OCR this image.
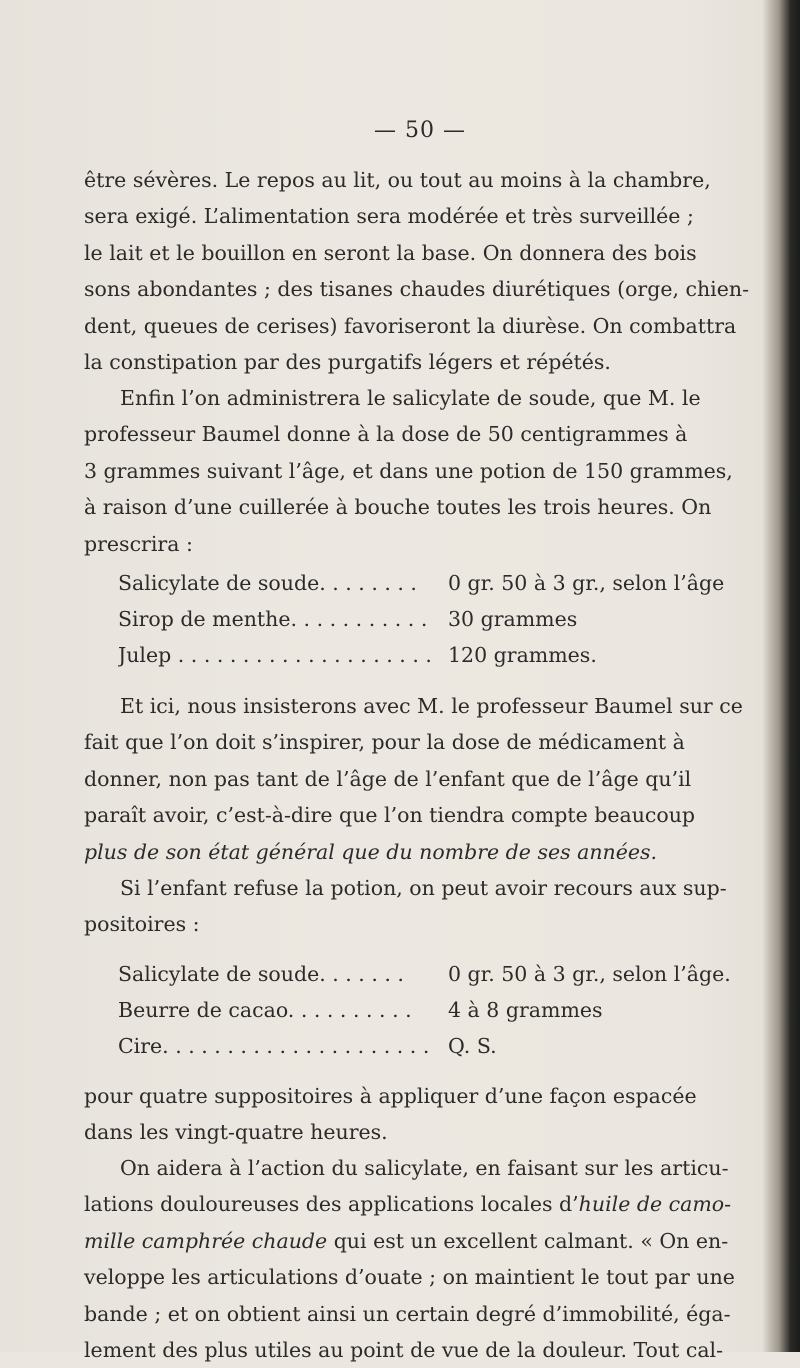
— 50 —
être sévères. Le repos au lit, ou tout au moins à la chambre,
sera exigé. L’alimentation sera modérée et très surveillée ;
le lait et le bouillon en seront la base. On donnera des bois
sons abondantes ; des tisanes chaudes diurétiques (orge, chien-
dent, queues de cerises) favoriseront la diurèse. On combattra
la constipation par des purgatifs légers et répétés.
Enfin l’on administrera le salicylate de soude, que M. le
professeur Baumel donne à la dose de 50 centigrammes à
3 grammes suivant l’âge, et dans une potion de 150 grammes,
à raison d’une cuillerée à bouche toutes les trois heures. On
prescrira :
Salicylate de soude. . . . . . . .	0 gr. 50 à 3 gr., selon l’âge
Sirop de menthe. . . . . . . . . . .	30 grammes
Julep . . . . . . . . . . . . . . . . . . . . 120 grammes.
Et ici, nous insisterons avec M. le professeur Baumel sur ce
fait que l’on doit s’inspirer, pour la dose de médicament à
donner, non pas tant de l’âge de l’enfant que de l’âge qu’il
paraît avoir, c’est-à-dire que l’on tiendra compte beaucoup
plus de son état général que du nombre de ses années.
Si l’enfant refuse la potion, on peut avoir recours aux sup-
positoires :
Salicylate de soude. . . . . . .	0 gr. 50 à 3 gr., selon l’âge.
Beurre de cacao. . . . . . . . . .	4 à 8 grammes
Cire. . . . . . . . . . . . . . . . . . . . . Q. S.
pour quatre suppositoires à appliquer d’une façon espacée
dans les vingt-quatre heures.
On aidera à l’action du salicylate, en faisant sur les articu-
lations douloureuses des applications locales d’huile de camo-
mille camphrée chaude qui est un excellent calmant. « On en-
veloppe les articulations d’ouate ; on maintient le tout par une
bande ; et on obtient ainsi un certain degré d’immobilité, éga-
lement des plus utiles au point de vue de la douleur. Tout cal-
